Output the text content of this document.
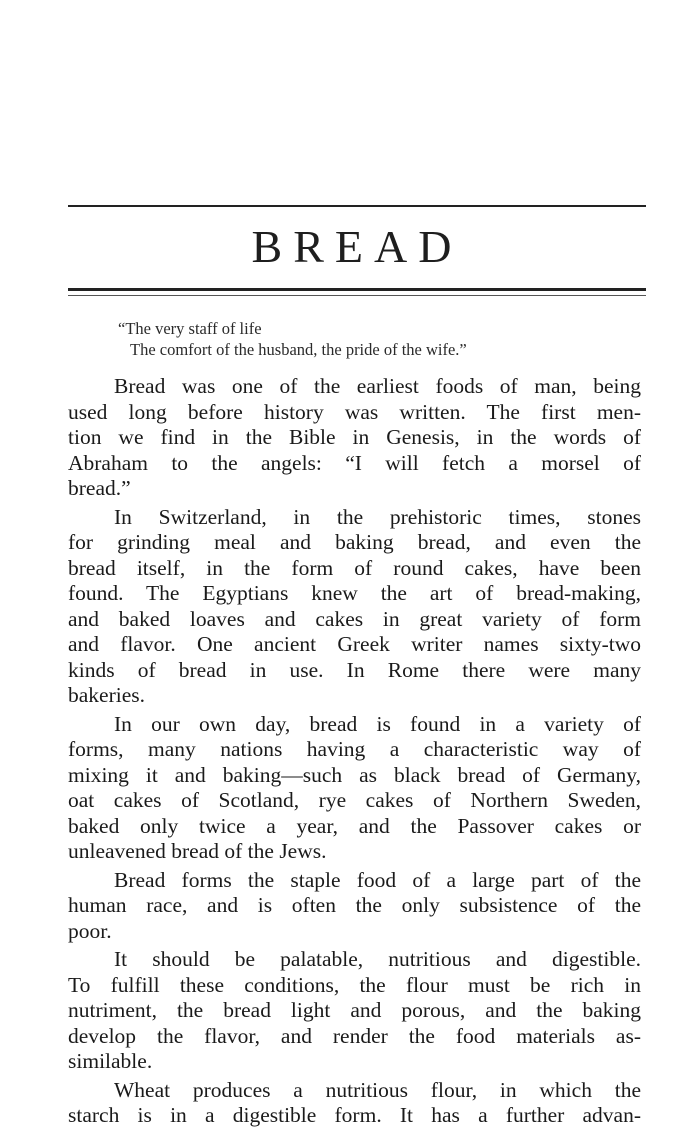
BREAD
“The very staff of life
The comfort of the husband, the pride of the wife.”
Bread was one of the earliest foods of man, being
used long before history was written. The first men-
tion we find in the Bible in Genesis, in the words of
Abraham to the angels: “I will fetch a morsel of
bread.”
In Switzerland, in the prehistoric times, stones
for grinding meal and baking bread, and even the
bread itself, in the form of round cakes, have been
found. The Egyptians knew the art of bread-making,
and baked loaves and cakes in great variety of form
and flavor. One ancient Greek writer names sixty-two
kinds of bread in use. In Rome there were many
bakeries.
In our own day, bread is found in a variety of
forms, many nations having a characteristic way of
mixing it and baking—such as black bread of Germany,
oat cakes of Scotland, rye cakes of Northern Sweden,
baked only twice a year, and the Passover cakes or
unleavened bread of the Jews.
Bread forms the staple food of a large part of the
human race, and is often the only subsistence of the
poor.
It should be palatable, nutritious and digestible.
To fulfill these conditions, the flour must be rich in
nutriment, the bread light and porous, and the baking
develop the flavor, and render the food materials as-
similable.
Wheat produces a nutritious flour, in which the
starch is in a digestible form. It has a further advan-
